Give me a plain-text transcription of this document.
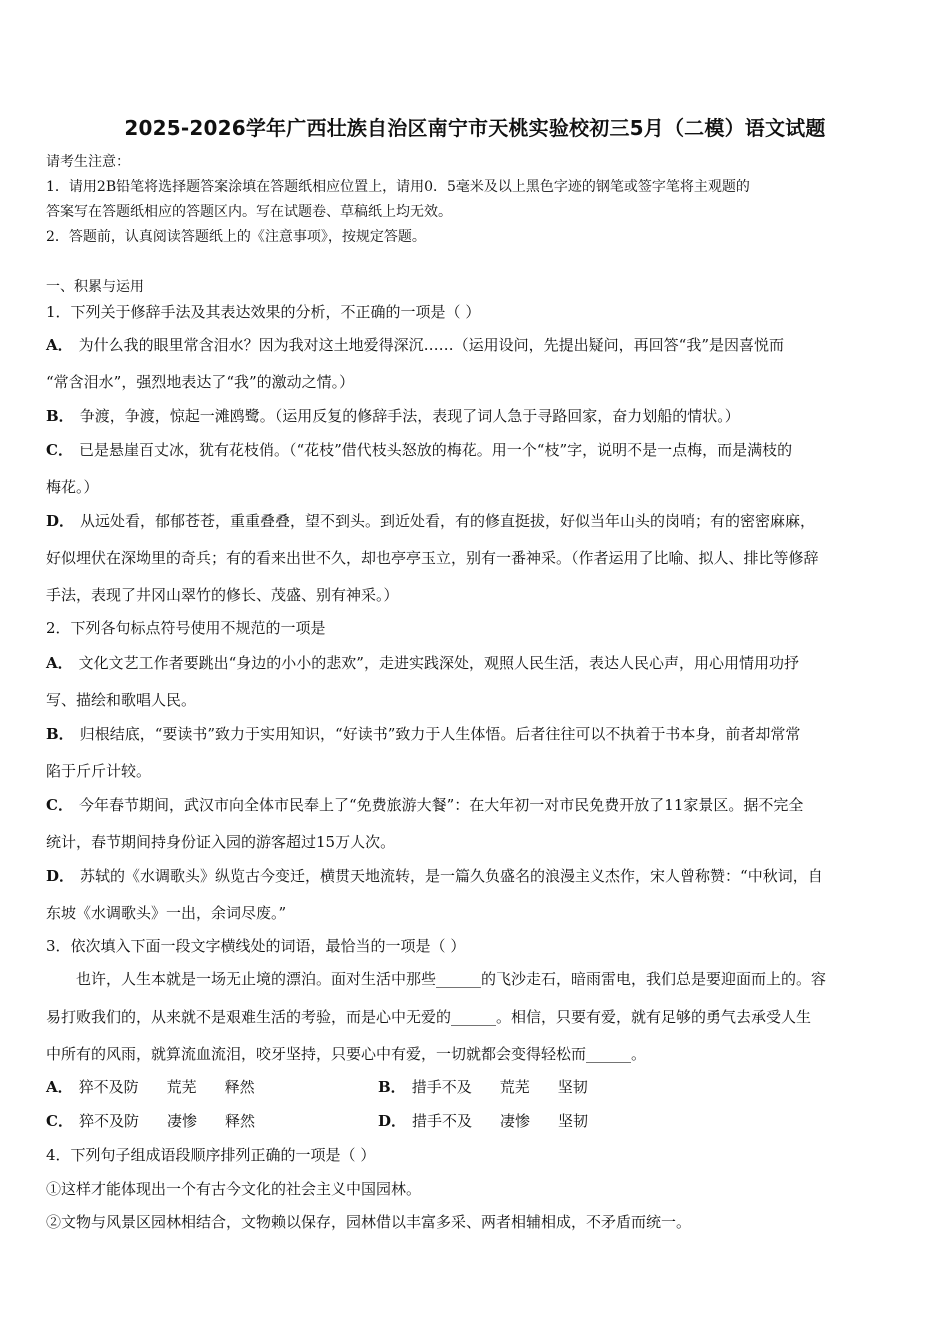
2025-2026学年广西壮族自治区南宁市天桃实验校初三5月（二模）语文试题
请考生注意：
1．请用2B铅笔将选择题答案涂填在答题纸相应位置上，请用0．5毫米及以上黑色字迹的钢笔或签字笔将主观题的
答案写在答题纸相应的答题区内。写在试题卷、草稿纸上均无效。
2．答题前，认真阅读答题纸上的《注意事项》，按规定答题。
一、积累与运用
1．下列关于修辞手法及其表达效果的分析，不正确的一项是（ ）
A． 为什么我的眼里常含泪水？因为我对这土地爱得深沉……（运用设问，先提出疑问，再回答“我”是因喜悦而
“常含泪水”，强烈地表达了“我”的激动之情。）
B． 争渡，争渡，惊起一滩鸥鹭。（运用反复的修辞手法，表现了词人急于寻路回家，奋力划船的情状。）
C． 已是悬崖百丈冰，犹有花枝俏。（“花枝”借代枝头怒放的梅花。用一个“枝”字，说明不是一点梅，而是满枝的
梅花。）
D． 从远处看，郁郁苍苍，重重叠叠，望不到头。到近处看，有的修直挺拔，好似当年山头的岗哨；有的密密麻麻，
好似埋伏在深坳里的奇兵；有的看来出世不久，却也亭亭玉立，别有一番神采。（作者运用了比喻、拟人、排比等修辞
手法，表现了井冈山翠竹的修长、茂盛、别有神采。）
2．下列各句标点符号使用不规范的一项是
A． 文化文艺工作者要跳出“身边的小小的悲欢”，走进实践深处，观照人民生活，表达人民心声，用心用情用功抒
写、描绘和歌唱人民。
B． 归根结底，“要读书”致力于实用知识，“好读书”致力于人生体悟。后者往往可以不执着于书本身，前者却常常
陷于斤斤计较。
C． 今年春节期间，武汉市向全体市民奉上了“免费旅游大餐”：在大年初一对市民免费开放了11家景区。据不完全
统计，春节期间持身份证入园的游客超过15万人次。
D． 苏轼的《水调歌头》纵览古今变迁，横贯天地流转，是一篇久负盛名的浪漫主义杰作，宋人曾称赞：“中秋词，自
东坡《水调歌头》一出，余词尽废。”
3．依次填入下面一段文字横线处的词语，最恰当的一项是（ ）
也许，人生本就是一场无止境的漂泊。面对生活中那些______的飞沙走石，暗雨雷电，我们总是要迎面而上的。容
易打败我们的，从来就不是艰难生活的考验，而是心中无爱的______。相信，只要有爱，就有足够的勇气去承受人生
中所有的风雨，就算流血流泪，咬牙坚持，只要心中有爱，一切就都会变得轻松而______。
A． 猝不及防 荒芜 释然	B． 措手不及 荒芜 坚韧
C． 猝不及防 凄惨 释然	D． 措手不及 凄惨 坚韧
4．下列句子组成语段顺序排列正确的一项是（ ）
①这样才能体现出一个有古今文化的社会主义中国园林。
②文物与风景区园林相结合，文物赖以保存，园林借以丰富多采、两者相辅相成，不矛盾而统一。
